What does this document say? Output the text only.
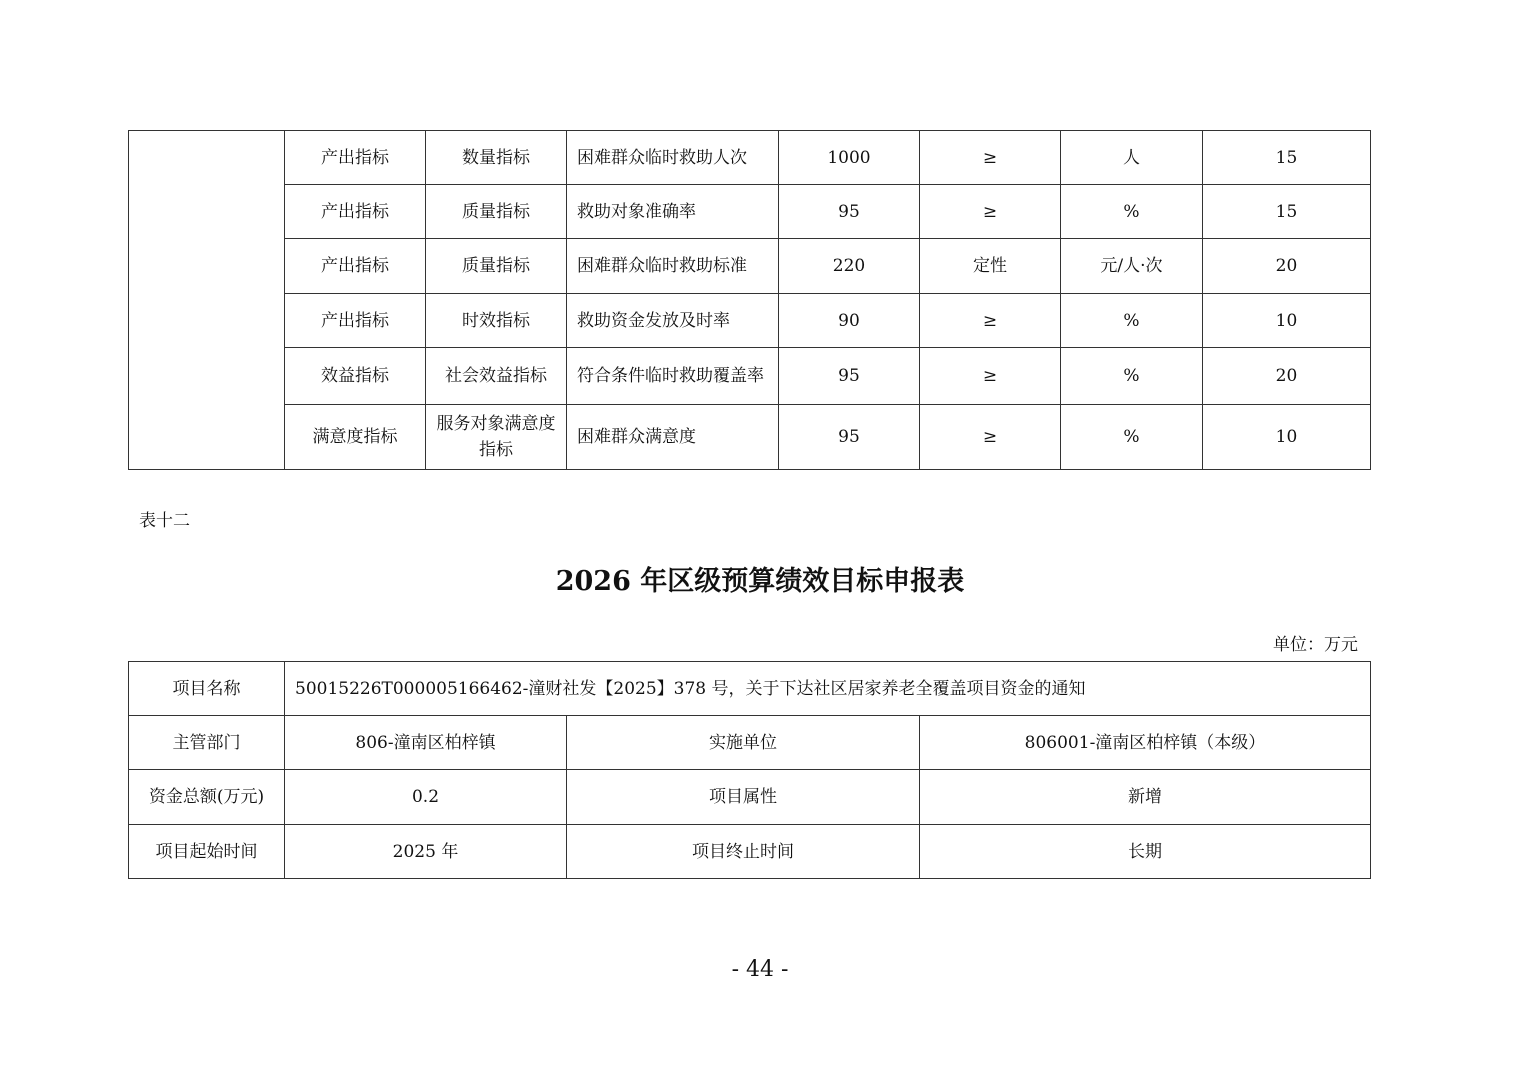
	产出指标	数量指标	困难群众临时救助人次	1000	≥	人	15
	产出指标	质量指标	救助对象准确率	95	≥	%	15
	产出指标	质量指标	困难群众临时救助标准	220	定性	元/人·次	20
	产出指标	时效指标	救助资金发放及时率	90	≥	%	10
	效益指标	社会效益指标	符合条件临时救助覆盖率	95	≥	%	20
	满意度指标	服务对象满意度指标	困难群众满意度	95	≥	%	10
表十二
2026 年区级预算绩效目标申报表
单位：万元
项目名称	50015226T000005166462-潼财社发【2025】378 号，关于下达社区居家养老全覆盖项目资金的通知		
主管部门	806-潼南区柏梓镇	实施单位	806001-潼南区柏梓镇（本级）
资金总额(万元)	0.2	项目属性	新增
项目起始时间	2025 年	项目终止时间	长期
- 44 -
